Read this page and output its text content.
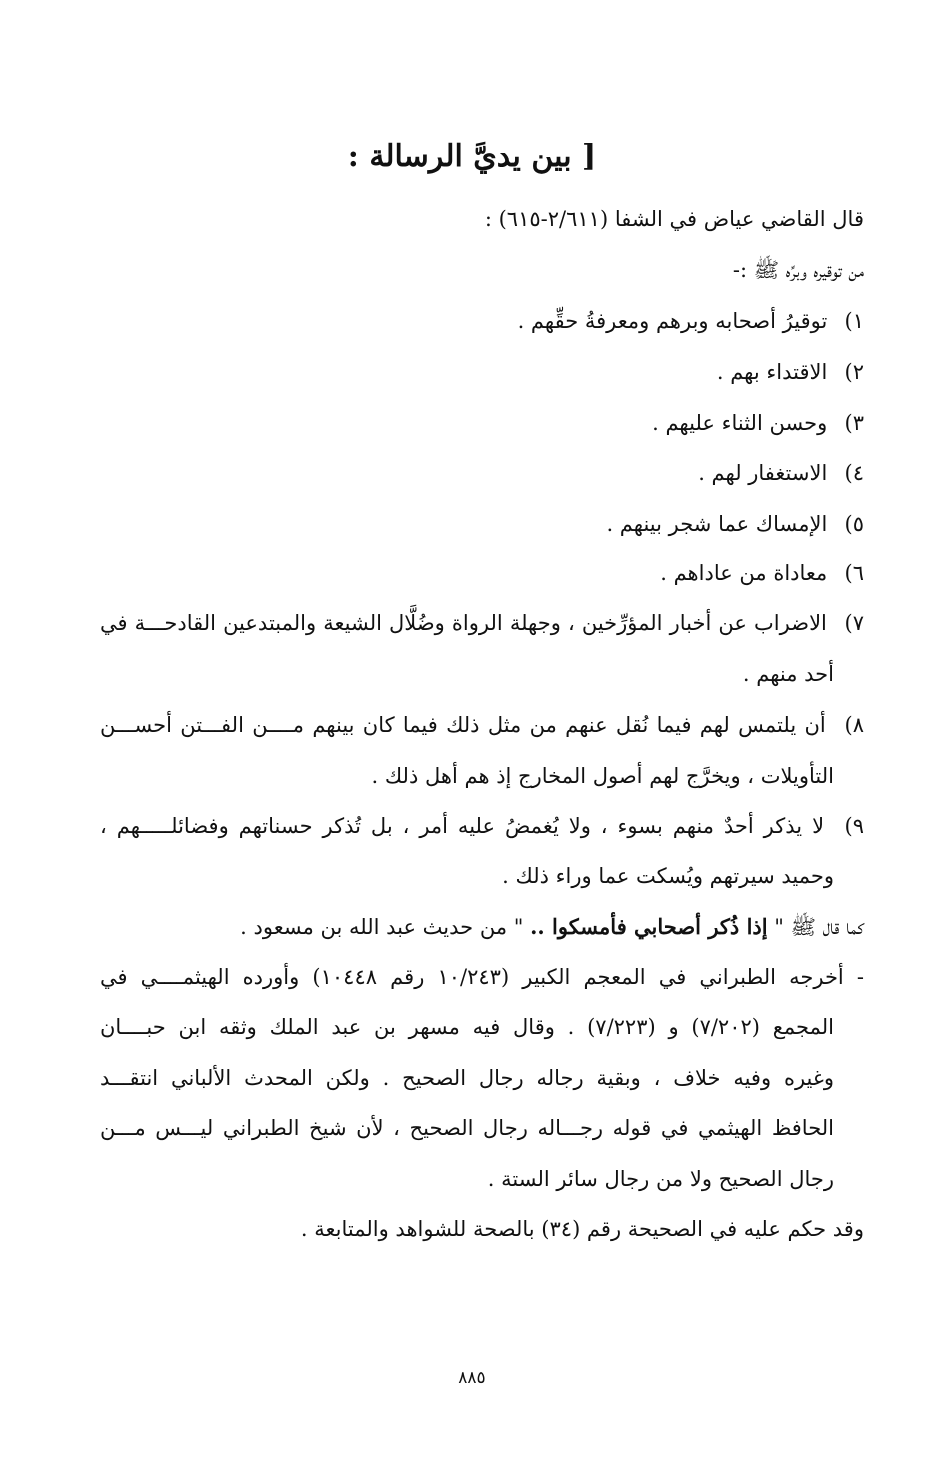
[ بين يديَّ الرسالة :
قال القاضي عياض في الشفا (٢/٦١١-٦١٥) :
من توقيره وبرِّه ﷺ :-
١) توقيرُ أصحابه وبرهم ومعرفةُ حقِّهم .
٢) الاقتداء بهم .
٣) وحسن الثناء عليهم .
٤) الاستغفار لهم .
٥) الإمساك عما شجر بينهم .
٦) معاداة من عاداهم .
٧) الاضراب عن أخبار المؤرِّخين ، وجهلة الرواة وضُلَّال الشيعة والمبتدعين القادحـــة في
أحد منهم .
٨) أن يلتمس لهم فيما نُقل عنهم من مثل ذلك فيما كان بينهم مــــن الفـــتن أحســـن
التأويلات ، ويخرَّج لهم أصول المخارج إذ هم أهل ذلك .
٩) لا يذكر أحدٌ منهم بسوء ، ولا يُغمضُ عليه أمر ، بل تُذكر حسناتهم وفضائلـــــهم ،
وحميد سيرتهم ويُسكت عما وراء ذلك .
كما قال ﷺ " إذا ذُكر أصحابي فأمسكوا .. " من حديث عبد الله بن مسعود .
- أخرجه الطبراني في المعجم الكبير (١٠/٢٤٣ رقم ١٠٤٤٨) وأورده الهيثمــــي في
المجمع (٧/٢٠٢) و (٧/٢٢٣) . وقال فيه مسهر بن عبد الملك وثقه ابن حبــــان
وغيره وفيه خلاف ، وبقية رجاله رجال الصحيح . ولكن المحدث الألباني انتقـــد
الحافظ الهيثمي في قوله رجـــاله رجال الصحيح ، لأن شيخ الطبراني ليـــس مـــن
رجال الصحيح ولا من رجال سائر الستة .
وقد حكم عليه في الصحيحة رقم (٣٤) بالصحة للشواهد والمتابعة .
٨٨٥
